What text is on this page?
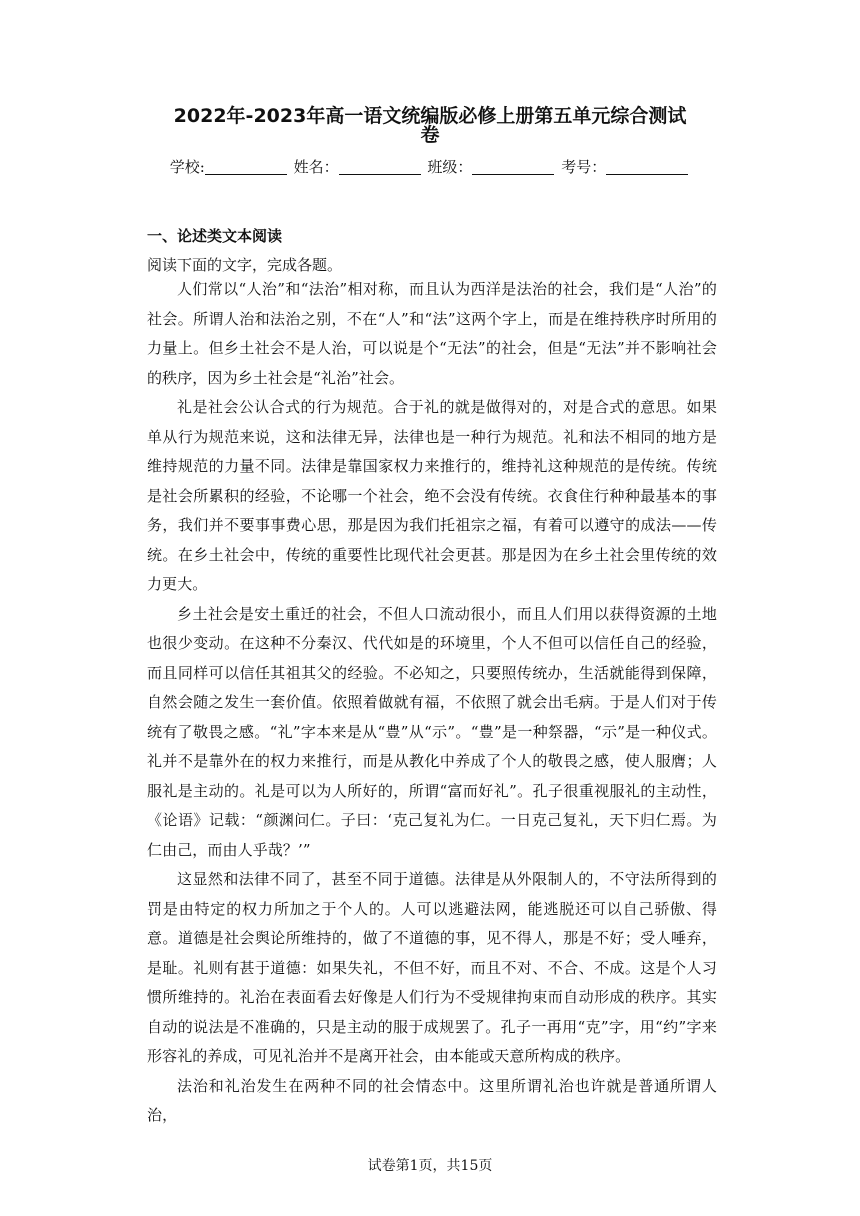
2022年-2023年高一语文统编版必修上册第五单元综合测试
卷
学校:	姓名：	班级：	考号：
一、论述类文本阅读
阅读下面的文字，完成各题。

人们常以“人治”和“法治”相对称，而且认为西洋是法治的社会，我们是“人治”的社会。所谓人治和法治之别，不在“人”和“法”这两个字上，而是在维持秩序时所用的力量上。但乡土社会不是人治，可以说是个“无法”的社会，但是“无法”并不影响社会的秩序，因为乡土社会是“礼治”社会。

礼是社会公认合式的行为规范。合于礼的就是做得对的，对是合式的意思。如果单从行为规范来说，这和法律无异，法律也是一种行为规范。礼和法不相同的地方是维持规范的力量不同。法律是靠国家权力来推行的，维持礼这种规范的是传统。传统是社会所累积的经验，不论哪一个社会，绝不会没有传统。衣食住行种种最基本的事务，我们并不要事事费心思，那是因为我们托祖宗之福，有着可以遵守的成法——传统。在乡土社会中，传统的重要性比现代社会更甚。那是因为在乡土社会里传统的效力更大。

乡土社会是安土重迁的社会，不但人口流动很小，而且人们用以获得资源的土地也很少变动。在这种不分秦汉、代代如是的环境里，个人不但可以信任自己的经验，而且同样可以信任其祖其父的经验。不必知之，只要照传统办，生活就能得到保障，自然会随之发生一套价值。依照着做就有福，不依照了就会出毛病。于是人们对于传统有了敬畏之感。“礼”字本来是从“豊”从“示”。“豊”是一种祭器，“示”是一种仪式。礼并不是靠外在的权力来推行，而是从教化中养成了个人的敬畏之感，使人服膺；人服礼是主动的。礼是可以为人所好的，所谓“富而好礼”。孔子很重视服礼的主动性，《论语》记载：“颜渊问仁。子曰：‘克己复礼为仁。一日克己复礼，天下归仁焉。为仁由己，而由人乎哉？’”

这显然和法律不同了，甚至不同于道德。法律是从外限制人的，不守法所得到的罚是由特定的权力所加之于个人的。人可以逃避法网，能逃脱还可以自己骄傲、得意。道德是社会舆论所维持的，做了不道德的事，见不得人，那是不好；受人唾弃，是耻。礼则有甚于道德：如果失礼，不但不好，而且不对、不合、不成。这是个人习惯所维持的。礼治在表面看去好像是人们行为不受规律拘束而自动形成的秩序。其实自动的说法是不准确的，只是主动的服于成规罢了。孔子一再用“克”字，用“约”字来形容礼的养成，可见礼治并不是离开社会，由本能或天意所构成的秩序。

法治和礼治发生在两种不同的社会情态中。这里所谓礼治也许就是普通所谓人治，

试卷第1页，共15页
